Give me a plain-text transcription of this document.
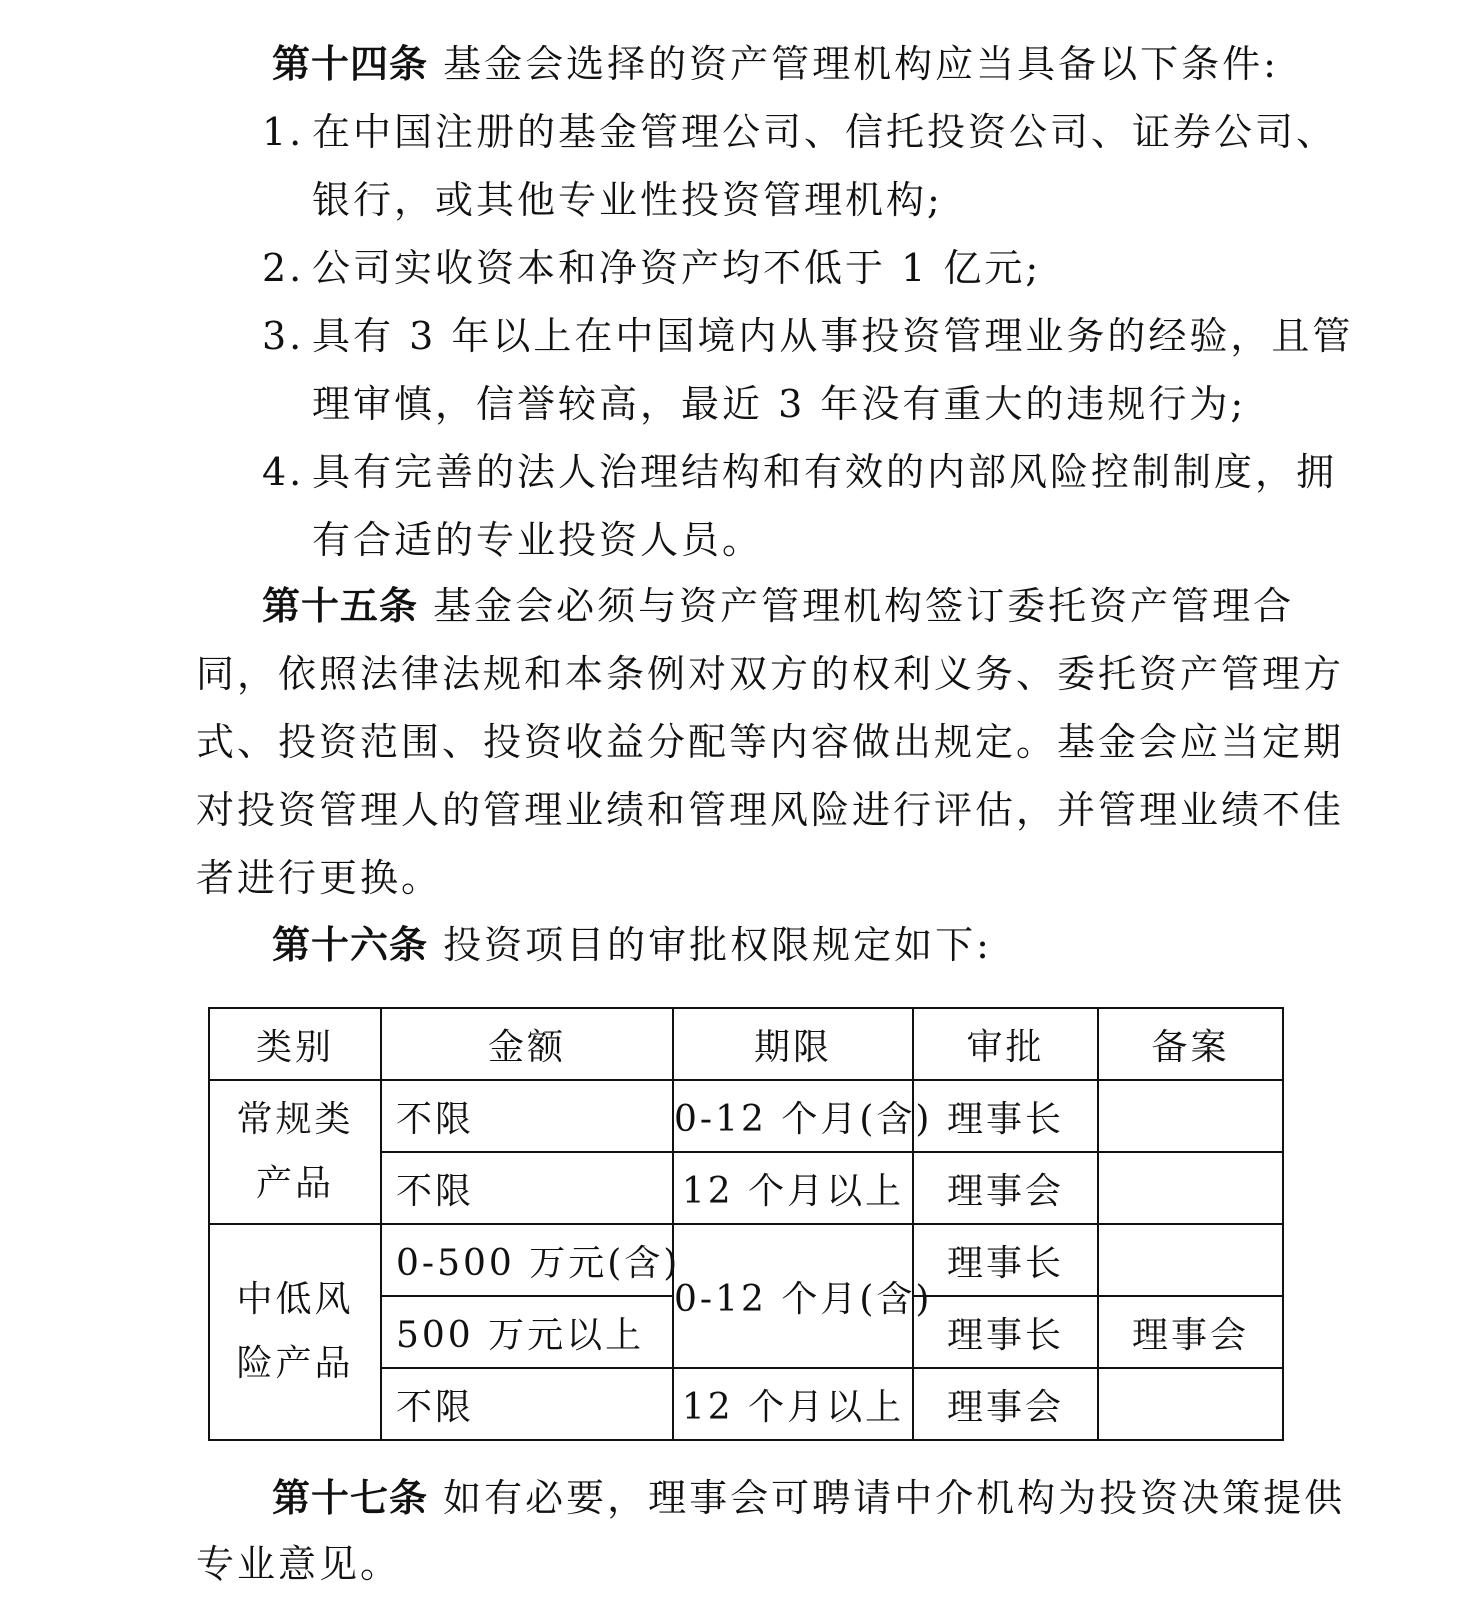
第十四条 基金会选择的资产管理机构应当具备以下条件:
1. 在中国注册的基金管理公司、信托投资公司、证券公司、
银行，或其他专业性投资管理机构;
2. 公司实收资本和净资产均不低于 1 亿元;
3. 具有 3 年以上在中国境内从事投资管理业务的经验，且管
理审慎，信誉较高，最近 3 年没有重大的违规行为;
4. 具有完善的法人治理结构和有效的内部风险控制制度，拥
有合适的专业投资人员。
第十五条 基金会必须与资产管理机构签订委托资产管理合
同，依照法律法规和本条例对双方的权利义务、委托资产管理方
式、投资范围、投资收益分配等内容做出规定。基金会应当定期
对投资管理人的管理业绩和管理风险进行评估，并管理业绩不佳
者进行更换。
第十六条 投资项目的审批权限规定如下:
类别	金额	期限	审批	备案

常规类
产品	不限	0-12 个月(含)	理事长	
	不限	12 个月以上	理事会	

中低风
险产品	0-500 万元(含)	0-12 个月(含)	理事长	
	500 万元以上		理事长	理事会
	不限	12 个月以上	理事会	
第十七条 如有必要，理事会可聘请中介机构为投资决策提供
专业意见。
